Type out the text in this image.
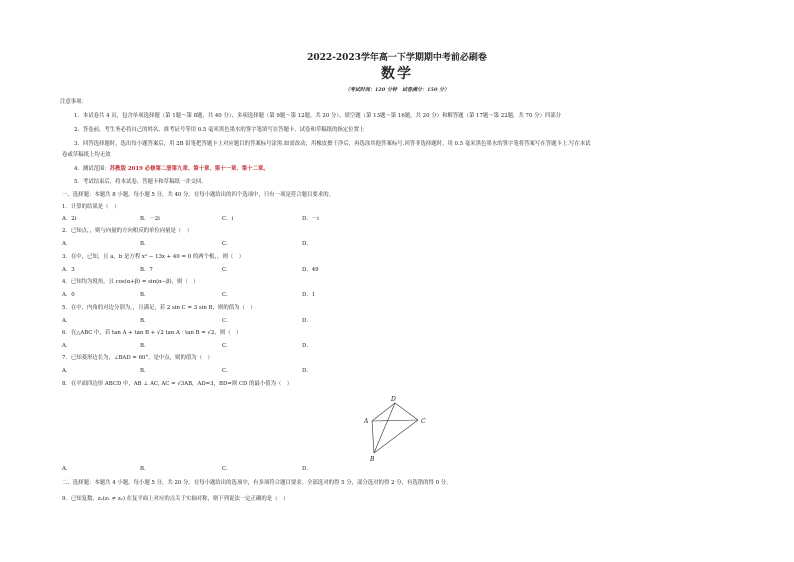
2022-2023学年高一下学期期中考前必刷卷
数学
（考试时间：120 分钟　试卷满分：150 分）
注意事项：
1．本试卷共 4 页，包含单项选择题（第 1题～第 8题，共 40 分）、多项选择题（第 9题～第 12题，共 20 分）、填空题（第 13题～第 16题，共 20 分）和解答题（第 17题～第 22题，共 70 分）四部分
2．答卷前，考生务必将自己的姓名、准考证号等用 0.5 毫米黑色墨水的签字笔填写在答题卡、试卷和草稿纸的指定位置上
3．回答选择题时，选出每小题答案后，用 2B 铅笔把答题卡上对应题目的答案标号涂黑.如需改动，用橡皮擦干净后，再选涂其他答案标号.回答非选择题时，用 0.5 毫米黑色墨水的签字笔将答案写在答题卡上.写在本试
卷或草稿纸上均无效
4．测试范围：苏教版 2019 必修第二册第九章、第十章、第十一章、第十二章。
5．考试结束后，将本试卷、答题卡和草稿纸一并交回.
一、选择题：本题共 8 小题，每小题 5 分，共 40 分。在每小题给出的四个选项中，只有一项是符合题目要求的。
1．计算的结果是（　）
A．2i	B．－2i	C．i	D．－i
2．已知点，，则与向量的方向相反的单位向量是（　）
A．	B．	C．	D．
3．在中，已知，且 a，b 是方程 x² − 13x + 40 = 0 的两个根，，则（　）
A．3	B．7	C．	D．49
4．已知均为锐角，且 cos(α+β) = sin(α−β)，则（　）
A．0	B．	C．	D．1
5．在中，内角的对边分别为，，且满足，若 2 sin C = 3 sin B，则的值为（　）
A．	B．	C．	D．
6．在△ABC 中，若 tan A + tan B + √2 tan A · tan B = √2，则（　）
A．	B．	C．	D．
7．已知菱形边长为，∠BAD = 60°，是中点，则的值为（　）
A．	B．	C．	D．
8．在平面四边形 ABCD 中，AB ⊥ AC, AC = √3AB，AD=3，BD=则 CD 的最小值为（　）
D
A	C
B
A．	B．	C．	D．
二、选择题：本题共 4 小题，每小题 5 分，共 20 分。在每小题给出的选项中，有多项符合题目要求。全部选对的得 5 分，部分选对的得 2 分，有选错的得 0 分。
9．已知复数，z₂(z₁ ≠ z₂) 在复平面上对应的点关于实轴对称，则下列说法一定正确的是（　）
